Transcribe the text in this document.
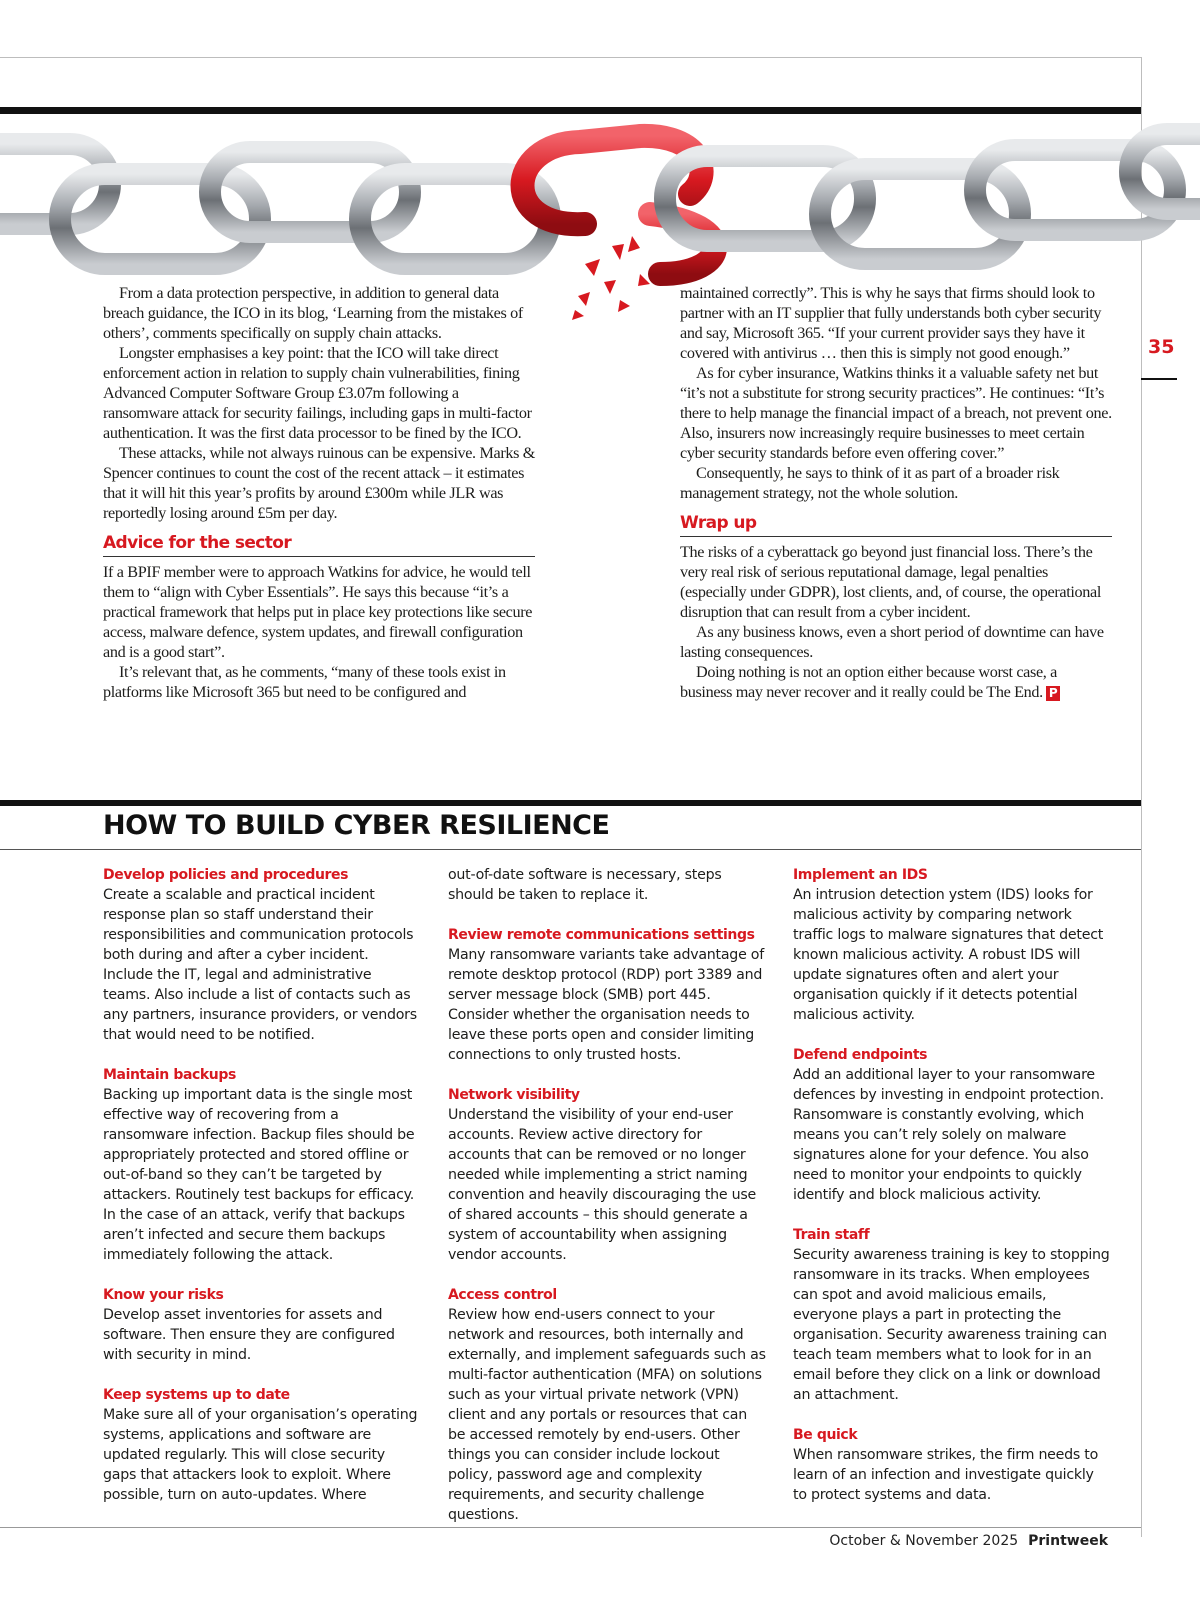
35

From a data protection perspective, in addition to general data breach guidance, the ICO in its blog, ‘Learning from the mistakes of others’, comments specifically on supply chain attacks.

Longster emphasises a key point: that the ICO will take direct enforcement action in relation to supply chain vulnerabilities, fining Advanced Computer Software Group £3.07m following a ransomware attack for security failings, including gaps in multi-factor authentication. It was the first data processor to be fined by the ICO.

These attacks, while not always ruinous can be expensive. Marks & Spencer continues to count the cost of the recent attack – it estimates that it will hit this year’s profits by around £300m while JLR was reportedly losing around £5m per day.

Advice for the sector

If a BPIF member were to approach Watkins for advice, he would tell them to “align with Cyber Essentials”. He says this because “it’s a practical framework that helps put in place key protections like secure access, malware defence, system updates, and firewall configuration and is a good start”.

It’s relevant that, as he comments, “many of these tools exist in platforms like Microsoft 365 but need to be configured and

maintained correctly”. This is why he says that firms should look to partner with an IT supplier that fully understands both cyber security and say, Microsoft 365. “If your current provider says they have it covered with antivirus … then this is simply not good enough.”

As for cyber insurance, Watkins thinks it a valuable safety net but “it’s not a substitute for strong security practices”. He continues: “It’s there to help manage the financial impact of a breach, not prevent one. Also, insurers now increasingly require businesses to meet certain cyber security standards before even offering cover.”

Consequently, he says to think of it as part of a broader risk management strategy, not the whole solution.

Wrap up

The risks of a cyberattack go beyond just financial loss. There’s the very real risk of serious reputational damage, legal penalties (especially under GDPR), lost clients, and, of course, the operational disruption that can result from a cyber incident.

As any business knows, even a short period of downtime can have lasting consequences.

Doing nothing is not an option either because worst case, a business may never recover and it really could be The End. P

HOW TO BUILD CYBER RESILIENCE
Develop policies and procedures

Create a scalable and practical incident response plan so staff understand their responsibilities and communication protocols both during and after a cyber incident. Include the IT, legal and administrative teams. Also include a list of contacts such as any partners, insurance providers, or vendors that would need to be notified.

Maintain backups

Backing up important data is the single most effective way of recovering from a ransomware infection. Backup files should be appropriately protected and stored offline or out-of-band so they can’t be targeted by attackers. Routinely test backups for efficacy. In the case of an attack, verify that backups aren’t infected and secure them backups immediately following the attack.

Know your risks

Develop asset inventories for assets and software. Then ensure they are configured with security in mind.

Keep systems up to date

Make sure all of your organisation’s operating systems, applications and software are updated regularly. This will close security gaps that attackers look to exploit. Where possible, turn on auto-updates. Where

out-of-date software is necessary, steps should be taken to replace it.

Review remote communications settings

Many ransomware variants take advantage of remote desktop protocol (RDP) port 3389 and server message block (SMB) port 445. Consider whether the organisation needs to leave these ports open and consider limiting connections to only trusted hosts.

Network visibility

Understand the visibility of your end-user accounts. Review active directory for accounts that can be removed or no longer needed while implementing a strict naming convention and heavily discouraging the use of shared accounts – this should generate a system of accountability when assigning vendor accounts.

Access control

Review how end-users connect to your network and resources, both internally and externally, and implement safeguards such as multi-factor authentication (MFA) on solutions such as your virtual private network (VPN) client and any portals or resources that can be accessed remotely by end-users. Other things you can consider include lockout policy, password age and complexity requirements, and security challenge questions.

Implement an IDS

An intrusion detection ystem (IDS) looks for malicious activity by comparing network traffic logs to malware signatures that detect known malicious activity. A robust IDS will update signatures often and alert your organisation quickly if it detects potential malicious activity.

Defend endpoints

Add an additional layer to your ransomware defences by investing in endpoint protection. Ransomware is constantly evolving, which means you can’t rely solely on malware signatures alone for your defence. You also need to monitor your endpoints to quickly identify and block malicious activity.

Train staff

Security awareness training is key to stopping ransomware in its tracks. When employees can spot and avoid malicious emails, everyone plays a part in protecting the organisation. Security awareness training can teach team members what to look for in an email before they click on a link or download an attachment.

Be quick

When ransomware strikes, the firm needs to learn of an infection and investigate quickly to protect systems and data.

October & November 2025 Printweek
